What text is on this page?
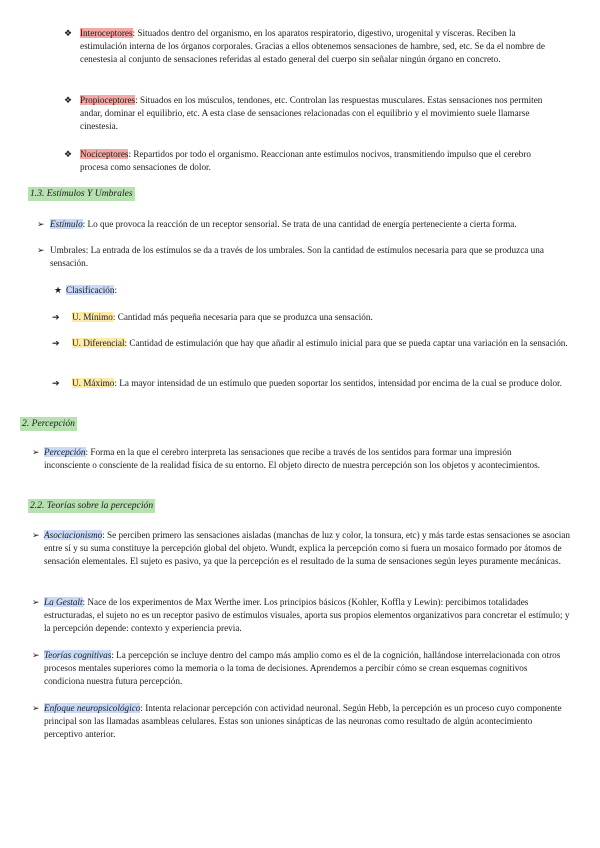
❖ Interoceptores: Situados dentro del organismo, en los aparatos respiratorio, digestivo, urogenital y vísceras. Reciben la estimulación interna de los órganos corporales. Gracias a ellos obtenemos sensaciones de hambre, sed, etc. Se da el nombre de cenestesia al conjunto de sensaciones referidas al estado general del cuerpo sin señalar ningún órgano en concreto.
❖ Propioceptores: Situados en los músculos, tendones, etc. Controlan las respuestas musculares. Estas sensaciones nos permiten andar, dominar el equilibrio, etc. A esta clase de sensaciones relacionadas con el equilibrio y el movimiento suele llamarse cinestesia.
❖ Nociceptores: Repartidos por todo el organismo. Reaccionan ante estímulos nocivos, transmitiendo impulso que el cerebro procesa como sensaciones de dolor.
1.3. Estímulos Y Umbrales
➢ Estímulo: Lo que provoca la reacción de un receptor sensorial. Se trata de una cantidad de energía perteneciente a cierta forma.
➢ Umbrales: La entrada de los estímulos se da a través de los umbrales. Son la cantidad de estímulos necesaria para que se produzca una sensación.
★ Clasificación:
➔ U. Mínimo: Cantidad más pequeña necesaria para que se produzca una sensación.
➔ U. Diferencial: Cantidad de estimulación que hay que añadir al estímulo inicial para que se pueda captar una variación en la sensación.
➔ U. Máximo: La mayor intensidad de un estímulo que pueden soportar los sentidos, intensidad por encima de la cual se produce dolor.
2. Percepción
➢ Percepción: Forma en la que el cerebro interpreta las sensaciones que recibe a través de los sentidos para formar una impresión inconsciente o consciente de la realidad física de su entorno. El objeto directo de nuestra percepción son los objetos y acontecimientos.
2.2. Teorías sobre la percepción
➢ Asociacionismo: Se perciben primero las sensaciones aisladas (manchas de luz y color, la tonsura, etc) y más tarde estas sensaciones se asocian entre sí y su suma constituye la percepción global del objeto. Wundt, explica la percepción como si fuera un mosaico formado por átomos de sensación elementales. El sujeto es pasivo, ya que la percepción es el resultado de la suma de sensaciones según leyes puramente mecánicas.
➢ La Gestalt: Nace de los experimentos de Max Werthe imer. Los principios básicos (Kohler, Koffla y Lewin): percibimos totalidades estructuradas, el sujeto no es un receptor pasivo de estímulos visuales, aporta sus propios elementos organizativos para concretar el estímulo; y la percepción depende: contexto y experiencia previa.
➢ Teorías cognitivas: La percepción se incluye dentro del campo más amplio como es el de la cognición, hallándose interrelacionada con otros procesos mentales superiores como la memoria o la toma de decisiones. Aprendemos a percibir cómo se crean esquemas cognitivos condiciona nuestra futura percepción.
➢ Enfoque neuropsicológico: Intenta relacionar percepción con actividad neuronal. Según Hebb, la percepción es un proceso cuyo componente principal son las llamadas asambleas celulares. Estas son uniones sinápticas de las neuronas como resultado de algún acontecimiento perceptivo anterior.
